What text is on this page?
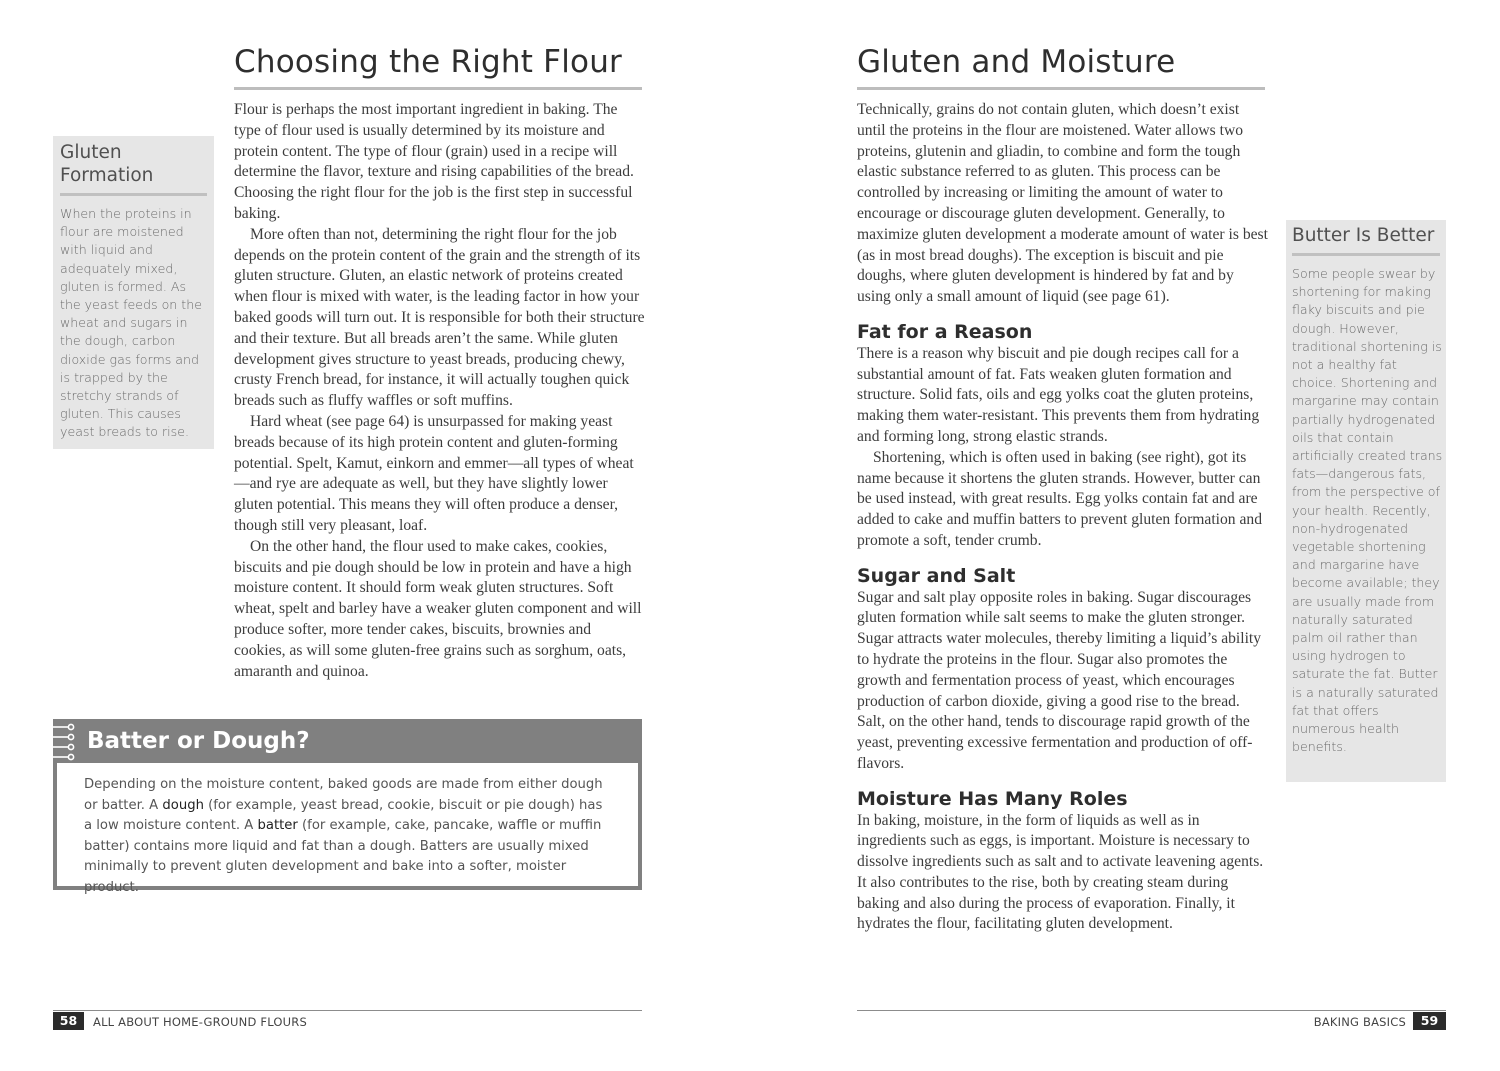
Choosing the Right Flour

Flour is perhaps the most important ingredient in baking. The type of flour used is usually determined by its moisture and protein content. The type of flour (grain) used in a recipe will determine the flavor, texture and rising capabilities of the bread. Choosing the right flour for the job is the first step in successful baking.

More often than not, determining the right flour for the job depends on the protein content of the grain and the strength of its gluten structure. Gluten, an elastic network of proteins created when flour is mixed with water, is the leading factor in how your baked goods will turn out. It is responsible for both their structure and their texture. But all breads aren’t the same. While gluten development gives structure to yeast breads, producing chewy, crusty French bread, for instance, it will actually toughen quick breads such as fluffy waffles or soft muffins.

Hard wheat (see page 64) is unsurpassed for making yeast breads because of its high protein content and gluten-forming potential. Spelt, Kamut, einkorn and emmer—all types of wheat—and rye are adequate as well, but they have slightly lower gluten potential. This means they will often produce a denser, though still very pleasant, loaf.

On the other hand, the flour used to make cakes, cookies, biscuits and pie dough should be low in protein and have a high moisture content. It should form weak gluten structures. Soft wheat, spelt and barley have a weaker gluten component and will produce softer, more tender cakes, biscuits, brownies and cookies, as will some gluten-free grains such as sorghum, oats, amaranth and quinoa.

Gluten Formation
When the proteins in flour are moistened with liquid and adequately mixed, gluten is formed. As the yeast feeds on the wheat and sugars in the dough, carbon dioxide gas forms and is trapped by the stretchy strands of gluten. This causes yeast breads to rise.
Batter or Dough?
Depending on the moisture content, baked goods are made from either dough or batter. A dough (for example, yeast bread, cookie, biscuit or pie dough) has a low moisture content. A batter (for example, cake, pancake, waffle or muffin batter) contains more liquid and fat than a dough. Batters are usually mixed minimally to prevent gluten development and bake into a softer, moister product.
58	ALL ABOUT HOME-GROUND FLOURS
Gluten and Moisture

Technically, grains do not contain gluten, which doesn’t exist until the proteins in the flour are moistened. Water allows two proteins, glutenin and gliadin, to combine and form the tough elastic substance referred to as gluten. This process can be controlled by increasing or limiting the amount of water to encourage or discourage gluten development. Generally, to maximize gluten development a moderate amount of water is best (as in most bread doughs). The exception is biscuit and pie doughs, where gluten development is hindered by fat and by using only a small amount of liquid (see page 61).

Fat for a Reason

There is a reason why biscuit and pie dough recipes call for a substantial amount of fat. Fats weaken gluten formation and structure. Solid fats, oils and egg yolks coat the gluten proteins, making them water-resistant. This prevents them from hydrating and forming long, strong elastic strands.

Shortening, which is often used in baking (see right), got its name because it shortens the gluten strands. However, butter can be used instead, with great results. Egg yolks contain fat and are added to cake and muffin batters to prevent gluten formation and promote a soft, tender crumb.

Sugar and Salt

Sugar and salt play opposite roles in baking. Sugar discourages gluten formation while salt seems to make the gluten stronger. Sugar attracts water molecules, thereby limiting a liquid’s ability to hydrate the proteins in the flour. Sugar also promotes the growth and fermentation process of yeast, which encourages production of carbon dioxide, giving a good rise to the bread. Salt, on the other hand, tends to discourage rapid growth of the yeast, preventing excessive fermentation and production of off-flavors.

Moisture Has Many Roles

In baking, moisture, in the form of liquids as well as in ingredients such as eggs, is important. Moisture is necessary to dissolve ingredients such as salt and to activate leavening agents. It also contributes to the rise, both by creating steam during baking and also during the process of evaporation. Finally, it hydrates the flour, facilitating gluten development.

Butter Is Better
Some people swear by shortening for making flaky biscuits and pie dough. However, traditional shortening is not a healthy fat choice. Shortening and margarine may contain partially hydrogenated oils that contain artificially created trans fats—dangerous fats, from the perspective of your health. Recently, non-hydrogenated vegetable shortening and margarine have become available; they are usually made from naturally saturated palm oil rather than using hydrogen to saturate the fat. Butter is a naturally saturated fat that offers numerous health benefits.
BAKING BASICS	59
